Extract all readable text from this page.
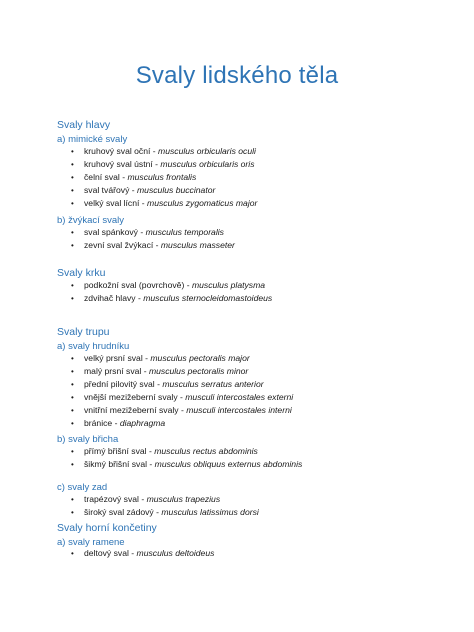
Svaly lidského těla
Svaly hlavy
a) mimické svaly
• kruhový sval oční - musculus orbicularis oculi
• kruhový sval ústní - musculus orbicularis oris
• čelní sval - musculus frontalis
• sval tvářový - musculus buccinator
• velký sval lícní - musculus zygomaticus major
b) žvýkací svaly
• sval spánkový - musculus temporalis
• zevní sval žvýkací - musculus masseter
Svaly krku
• podkožní sval (povrchově) - musculus platysma
• zdvihač hlavy - musculus sternocleidomastoideus
Svaly trupu
a) svaly hrudníku
• velký prsní sval - musculus pectoralis major
• malý prsní sval - musculus pectoralis minor
• přední pilovitý sval - musculus serratus anterior
• vnější mezižeberní svaly - musculi intercostales externi
• vnitřní mezižeberní svaly - musculi intercostales interni
• bránice - diaphragma
b) svaly břicha
• přímý břišní sval - musculus rectus abdominis
• šikmý břišní sval - musculus obliquus externus abdominis
c) svaly zad
• trapézový sval - musculus trapezius
• široký sval zádový - musculus latissimus dorsi
Svaly horní končetiny
a) svaly ramene
• deltový sval - musculus deltoideus
